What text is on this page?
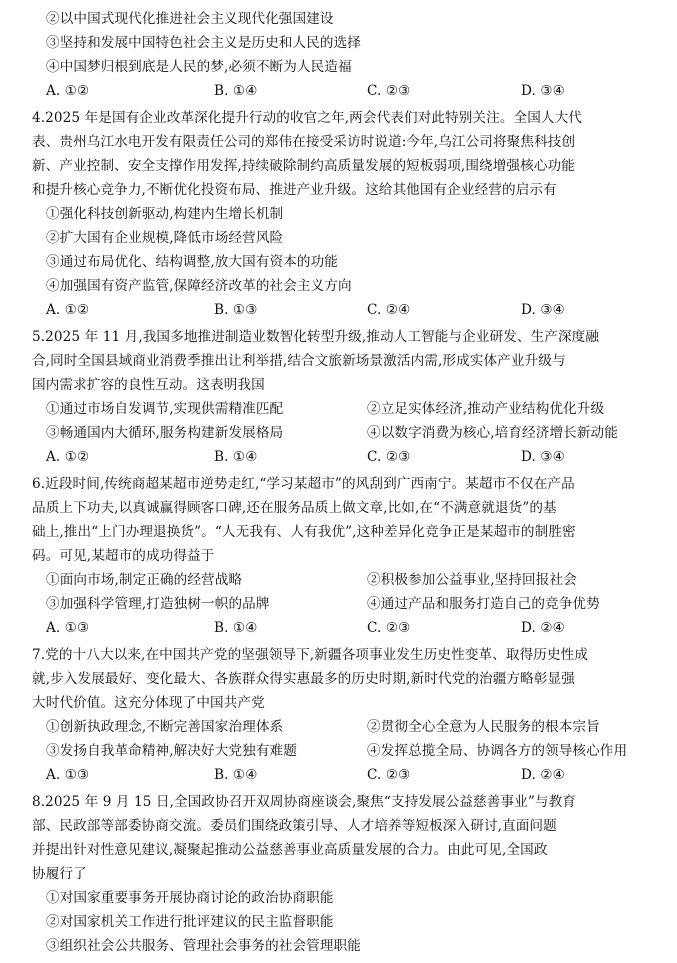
②以中国式现代化推进社会主义现代化强国建设
③坚持和发展中国特色社会主义是历史和人民的选择
④中国梦归根到底是人民的梦,必须不断为人民造福
A. ①②	B. ①④	C. ②③	D. ③④
4.2025 年是国有企业改革深化提升行动的收官之年,两会代表们对此特别关注。全国人大代
表、贵州乌江水电开发有限责任公司的郑伟在接受采访时说道:今年,乌江公司将聚焦科技创
新、产业控制、安全支撑作用发挥,持续破除制约高质量发展的短板弱项,围绕增强核心功能
和提升核心竞争力,不断优化投资布局、推进产业升级。这给其他国有企业经营的启示有
①强化科技创新驱动,构建内生增长机制
②扩大国有企业规模,降低市场经营风险
③通过布局优化、结构调整,放大国有资本的功能
④加强国有资产监管,保障经济改革的社会主义方向
A. ①②	B. ①③	C. ②④	D. ③④
5.2025 年 11 月,我国多地推进制造业数智化转型升级,推动人工智能与企业研发、生产深度融
合,同时全国县域商业消费季推出让利举措,结合文旅新场景激活内需,形成实体产业升级与
国内需求扩容的良性互动。这表明我国
①通过市场自发调节,实现供需精准匹配	②立足实体经济,推动产业结构优化升级
③畅通国内大循环,服务构建新发展格局	④以数字消费为核心,培育经济增长新动能
A. ①②	B. ①④	C. ②③	D. ③④
6.近段时间,传统商超某超市逆势走红,“学习某超市”的风刮到广西南宁。某超市不仅在产品
品质上下功夫,以真诚赢得顾客口碑,还在服务品质上做文章,比如,在“不满意就退货”的基
础上,推出“上门办理退换货”。“人无我有、人有我优”,这种差异化竞争正是某超市的制胜密
码。可见,某超市的成功得益于
①面向市场,制定正确的经营战略	②积极参加公益事业,坚持回报社会
③加强科学管理,打造独树一帜的品牌	④通过产品和服务打造自己的竞争优势
A. ①③	B. ①④	C. ②③	D. ②④
7.党的十八大以来,在中国共产党的坚强领导下,新疆各项事业发生历史性变革、取得历史性成
就,步入发展最好、变化最大、各族群众得实惠最多的历史时期,新时代党的治疆方略彰显强
大时代价值。这充分体现了中国共产党
①创新执政理念,不断完善国家治理体系	②贯彻全心全意为人民服务的根本宗旨
③发扬自我革命精神,解决好大党独有难题	④发挥总揽全局、协调各方的领导核心作用
A. ①③	B. ①④	C. ②③	D. ②④
8.2025 年 9 月 15 日,全国政协召开双周协商座谈会,聚焦“支持发展公益慈善事业”与教育
部、民政部等部委协商交流。委员们围绕政策引导、人才培养等短板深入研讨,直面问题
并提出针对性意见建议,凝聚起推动公益慈善事业高质量发展的合力。由此可见,全国政
协履行了
①对国家重要事务开展协商讨论的政治协商职能
②对国家机关工作进行批评建议的民主监督职能
③组织社会公共服务、管理社会事务的社会管理职能
